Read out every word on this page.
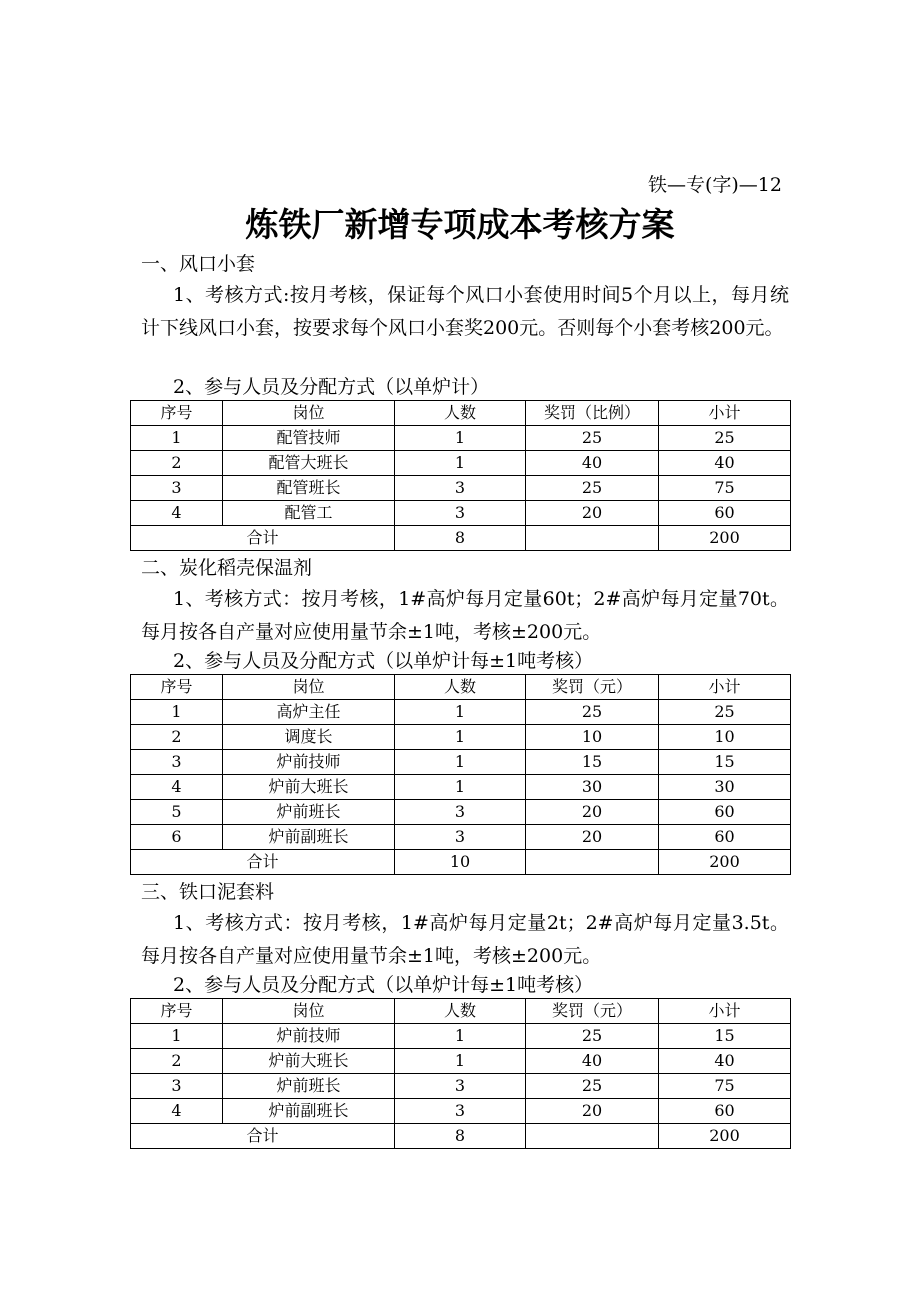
铁—专(字)—12
炼铁厂新增专项成本考核方案
一、风口小套

1、考核方式:按月考核，保证每个风口小套使用时间5个月以上，每月统计下线风口小套，按要求每个风口小套奖200元。否则每个小套考核200元。

2、参与人员及分配方式（以单炉计）
序号	岗位	人数	奖罚（比例）	小计
1	配管技师	1	25	25
2	配管大班长	1	40	40
3	配管班长	3	25	75
4	配管工	3	20	60
合计		8		200
二、炭化稻壳保温剂

1、考核方式：按月考核，1#高炉每月定量60t；2#高炉每月定量70t。每月按各自产量对应使用量节余±1吨，考核±200元。

2、参与人员及分配方式（以单炉计每±1吨考核）
序号	岗位	人数	奖罚（元）	小计
1	高炉主任	1	25	25
2	调度长	1	10	10
3	炉前技师	1	15	15
4	炉前大班长	1	30	30
5	炉前班长	3	20	60
6	炉前副班长	3	20	60
合计		10		200
三、铁口泥套料

1、考核方式：按月考核，1#高炉每月定量2t；2#高炉每月定量3.5t。每月按各自产量对应使用量节余±1吨，考核±200元。

2、参与人员及分配方式（以单炉计每±1吨考核）
序号	岗位	人数	奖罚（元）	小计
1	炉前技师	1	25	15
2	炉前大班长	1	40	40
3	炉前班长	3	25	75
4	炉前副班长	3	20	60
合计		8		200
